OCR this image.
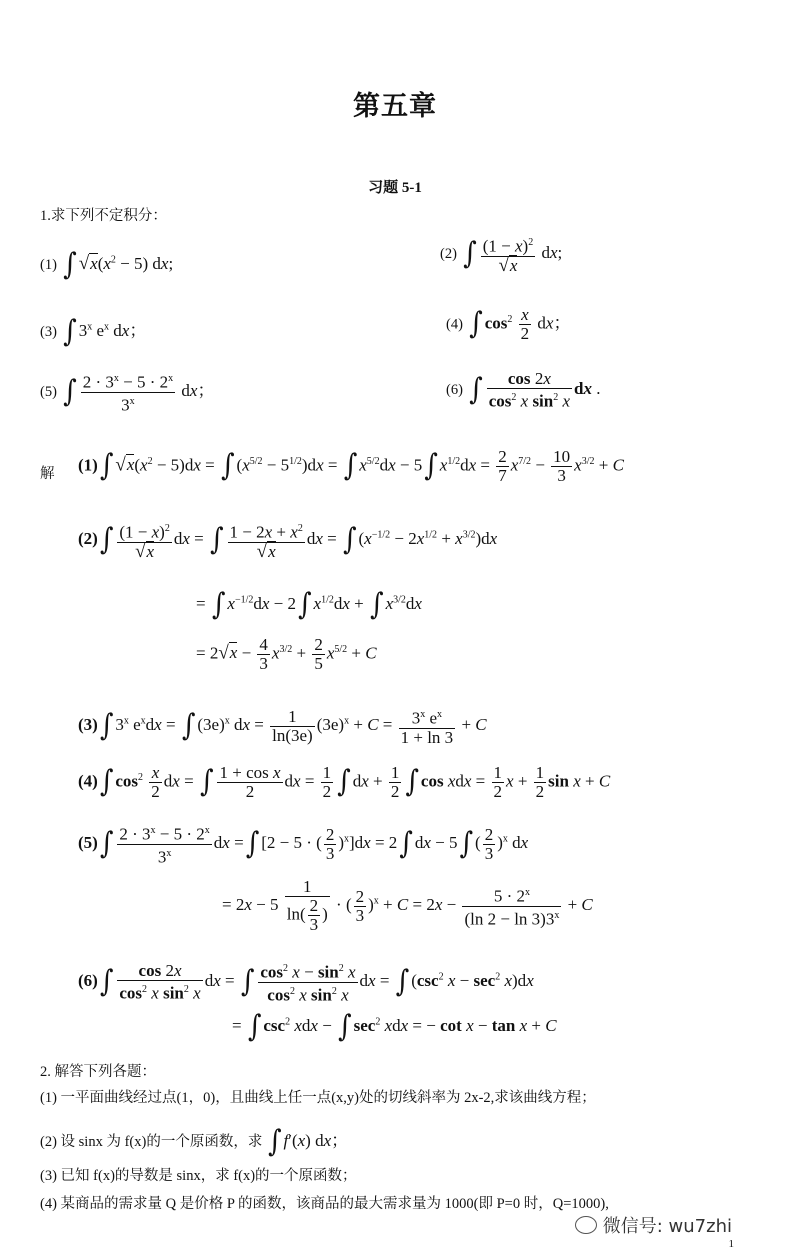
第五章
习题 5-1
1.求下列不定积分：
(1) ∫ $√x(x^2 - 5)$ dx;	(2) ∫ $\frac{(1 - x)^2}{√x}$ dx;
(3) ∫ 3$^x$ $e^x$ dx；	(4) ∫ $\cos^2 \frac{x}{2}$ dx；
(5) ∫ $\frac{2 \cdot 3^x - 5 \cdot 2^x}{3^x}$ dx；	(6) ∫ $\frac{\cos 2x}{\cos^2 x \sin^2 x}$ dx .
解 (1)∫ $√x(x^2 - 5)dx$ = ∫ $(x^{5/2} - 5^{1/2})dx$ = ∫ $x^{5/2}dx - 5\int$ $x^{1/2}dx = \frac{2}{7} x^{7/2} - \frac{10}{3} x^{3/2} + C$
$(2)\int \frac{(1 - x)^2}{√x}$ dx = ∫ $\frac{1 - 2x + x^2}{√x}$ dx = ∫ $(x^{-1/2} - 2x^{1/2} + x^{3/2})dx$
= ∫ $x^{-1/2}dx - 2\int$ $x^{1/2}dx$ + ∫ $x^{3/2}dx$
= $2√x - \frac{4}{3} x^{3/2} + \frac{2}{5} x^{5/2} + C$
(3)∫ 3$^x$ $e^xdx$ = ∫ $(3e)^x$ dx = $\frac{1}{\ln(3e)} (3e)^x + C = \frac{3^x e^x}{1 + \ln 3} + C$
(4)∫ $\cos^2 \frac{x}{2}$ dx = ∫ $\frac{\text{1 + cos x}}{2}$ dx = $\frac{1}{2}$ ∫ dx + $\frac{1}{2}$ ∫ cos xdx = $\frac{1}{2}$ $x + \frac{1}{2}$ sin x + C
$(5)\int \frac{2 \cdot 3^x - 5 \cdot 2^x}{3^x}$ dx =∫ [2 − 5 · ( $\frac{2}{3} )^x]dx = 2\int$ dx − 5∫ ( $\frac{2}{3} )^x$ dx
= $2x - 5 \frac{1}{\ln( \frac{2}{3} )}$ · ( $\frac{2}{3} )^x + C = 2x - \frac{5 \cdot 2^x}{(\ln 2 - \ln 3)3^x} + C$
$(6)\int \frac{\cos 2x}{\cos^2 x \sin^2 x}$ dx = ∫ $\frac{\cos^2 x - \sin^2 x}{\cos^2 x \sin^2 x}$ dx = ∫ ($\csc^2$ $x - \sec^2 x)dx$
= ∫ $\csc^2$ xdx − ∫ $\sec^2$ xdx = − cot x − tan x + C
2. 解答下列各题：
(1) 一平面曲线经过点(1，0)，且曲线上任一点(x,y)处的切线斜率为 2x-2,求该曲线方程；
(2) 设 sinx 为 f(x)的一个原函数，求 ∫ f′(x) dx；
(3) 已知 f(x)的导数是 sinx，求 f(x)的一个原函数；
(4) 某商品的需求量 Q 是价格 P 的函数，该商品的最大需求量为 1000(即 P=0 时，Q=1000),
微信号: wu7zhi
1
